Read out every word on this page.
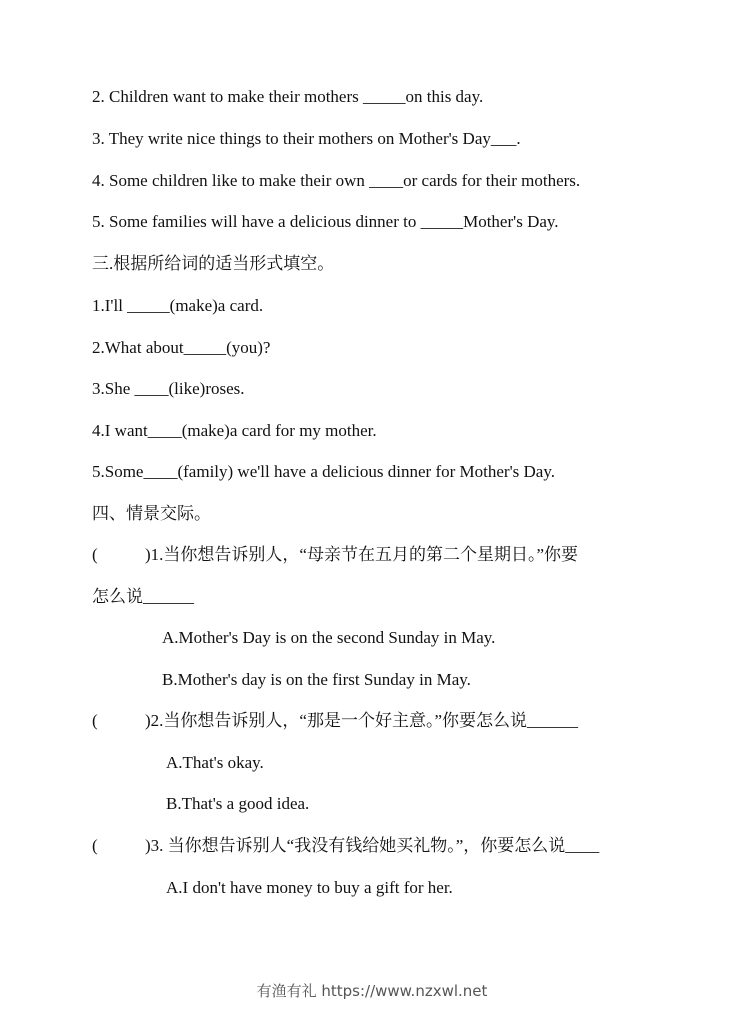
2. Children want to make their mothers _____on this day.
3. They write nice things to their mothers on Mother's Day___.
4. Some children like to make their own ____or cards for their mothers.
5. Some families will have a delicious dinner to _____Mother's Day.
三.根据所给词的适当形式填空。
1.I'll _____(make)a card.
2.What about_____(you)?
3.She ____(like)roses.
4.I want____(make)a card for my mother.
5.Some____(family) we'll have a delicious dinner for Mother's Day.
四、情景交际。
(	)1.当你想告诉别人，“母亲节在五月的第二个星期日。”你要
怎么说______
A.Mother's Day is on the second Sunday in May.
B.Mother's day is on the first Sunday in May.
(	)2.当你想告诉别人，“那是一个好主意。”你要怎么说______
A.That's okay.
B.That's a good idea.
(	)3. 当你想告诉别人“我没有钱给她买礼物。”，你要怎么说____
A.I don't have money to buy a gift for her.
有渔有礼 https://www.nzxwl.net
